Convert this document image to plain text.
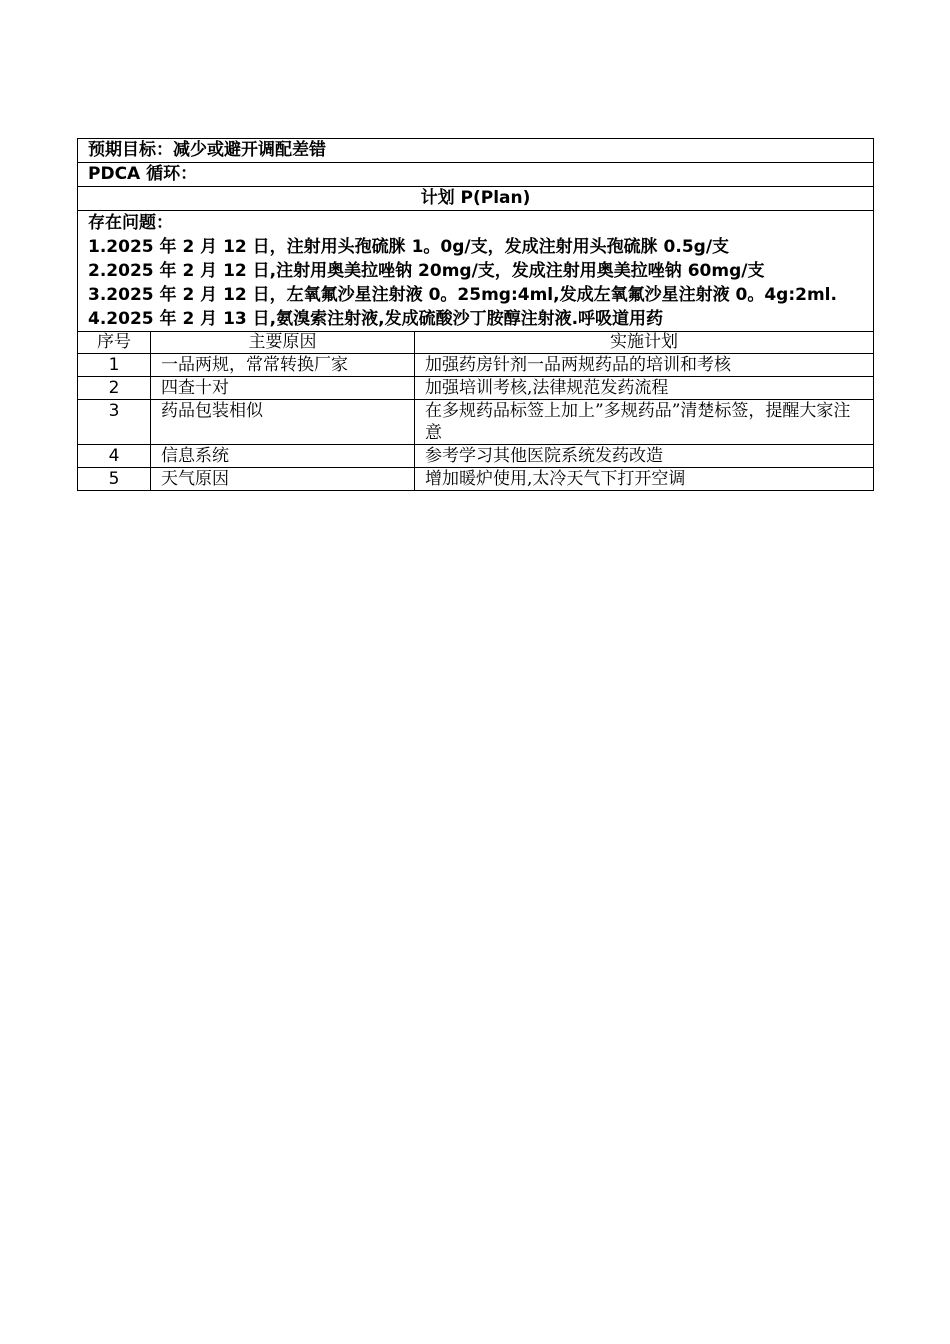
预期目标：减少或避开调配差错		
PDCA 循环：		
计划 P(Plan)		

存在问题：
1.2025 年 2 月 12 日，注射用头孢硫脒 1。0g/支，发成注射用头孢硫脒 0.5g/支
2.2025 年 2 月 12 日,注射用奥美拉唑钠 20mg/支，发成注射用奥美拉唑钠 60mg/支
3.2025 年 2 月 12 日，左氧氟沙星注射液 0。25mg:4ml,发成左氧氟沙星注射液 0。4g:2ml.
4.2025 年 2 月 13 日,氨溴索注射液,发成硫酸沙丁胺醇注射液.呼吸道用药		

序号	主要原因	实施计划
1	一品两规，常常转换厂家	加强药房针剂一品两规药品的培训和考核
2	四查十对	加强培训考核,法律规范发药流程
3	药品包装相似	在多规药品标签上加上”多规药品”清楚标签，提醒大家注意
4	信息系统	参考学习其他医院系统发药改造
5	天气原因	增加暖炉使用,太冷天气下打开空调
